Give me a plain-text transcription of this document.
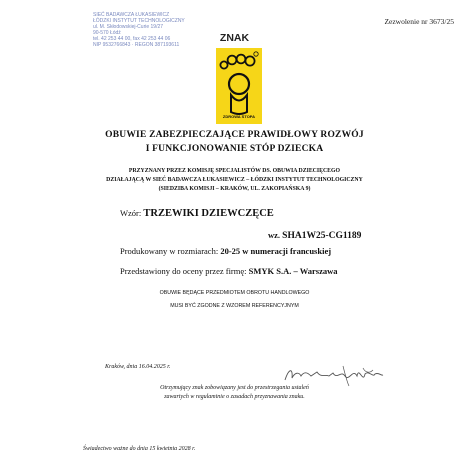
SIEĆ BADAWCZA ŁUKASIEWICZ
ŁÓDZKI INSTYTUT TECHNOLOGICZNY
ul. M. Skłodowskiej-Curie 19/27
90-570 Łódź
tel. 42 253 44 00, fax 42 253 44 06
NIP 9532766843 · REGON 387193611
Zezwolenie nr 3673/25
ZNAK
ZDROWA STOPA
OBUWIE ZABEZPIECZAJĄCE PRAWIDŁOWY ROZWÓJ
I FUNKCJONOWANIE STÓP DZIECKA
PRZYZNANY PRZEZ KOMISJĘ SPECJALISTÓW DS. OBUWIA DZIECIĘCEGO
DZIAŁAJĄCĄ W SIEĆ BADAWCZA ŁUKASIEWICZ – ŁÓDZKI INSTYTUT TECHNOLOGICZNY
(SIEDZIBA KOMISJI – KRAKÓW, UL. ZAKOPIAŃSKA 9)
Wzór: TRZEWIKI DZIEWCZĘCE
wz. SHA1W25-CG1189
Produkowany w rozmiarach: 20-25 w numeracji francuskiej
Przedstawiony do oceny przez firmę: SMYK S.A. – Warszawa
OBUWIE BĘDĄCE PRZEDMIOTEM OBROTU HANDLOWEGO
MUSI BYĆ ZGODNE Z WZOREM REFERENCYJNYM
Kraków, dnia 16.04.2025 r.
Otrzymujący znak zobowiązany jest do przestrzegania ustaleń
zawartych w regulaminie o zasadach przyznawania znaku.
Świadectwo ważne do dnia 15 kwietnia 2028 r.
